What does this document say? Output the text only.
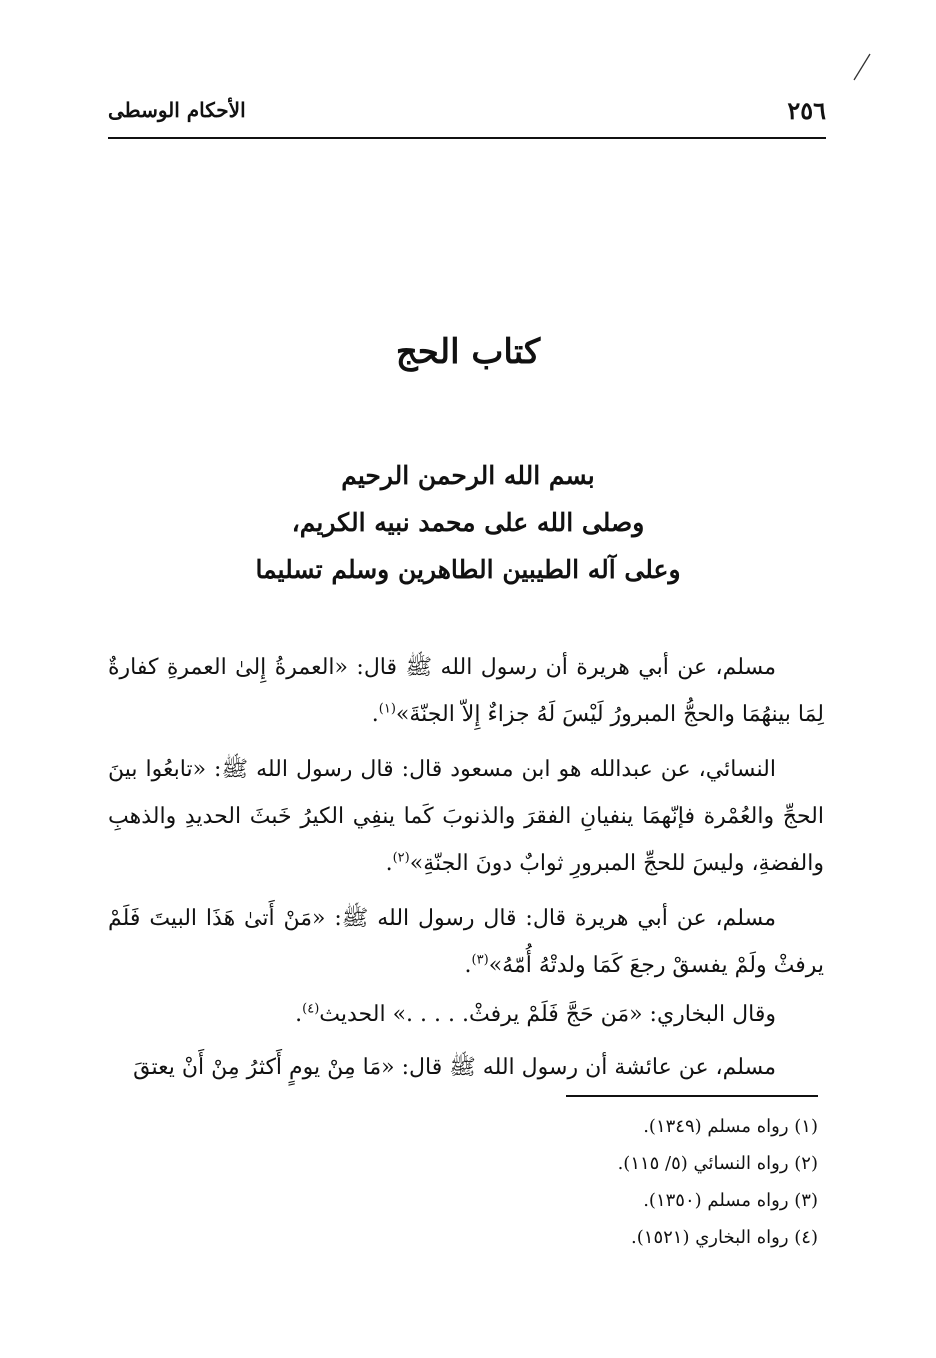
٢٥٦
الأحكام الوسطى
كتاب الحج
بسم الله الرحمن الرحيم
وصلى الله على محمد نبيه الكريم،
وعلى آله الطيبين الطاهرين وسلم تسليما

مسلم، عن أبي هريرة أن رسول الله ﷺ قال: «العمرةُ إِلىٰ العمرةِ كفارةٌ لِمَا بينهُمَا والحجُّ المبرورُ لَيْسَ لَهُ جزاءٌ إِلاّ الجنّةَ»$^{(١)}$.

النسائي، عن عبدالله هو ابن مسعود قال: قال رسول الله ﷺ: «تابعُوا بينَ الحجِّ والعُمْرة فإنّهمَا ينفيانِ الفقرَ والذنوبَ كَما ينفِي الكيرُ خَبثَ الحديدِ والذهبِ والفضةِ، وليسَ للحجِّ المبرورِ ثوابٌ دونَ الجنّةِ»$^{(٢)}$.

مسلم، عن أبي هريرة قال: قال رسول الله ﷺ: «مَنْ أَتىٰ هَذَا البيتَ فَلَمْ يرفثْ ولَمْ يفسقْ رجعَ كَمَا ولدتْهُ أُمّهُ»$^{(٣)}$.

وقال البخاري: «مَن حَجَّ فَلَمْ يرفثْ. . . . .» الحديث$^{(٤)}$.

مسلم، عن عائشة أن رسول الله ﷺ قال: «مَا مِنْ يومٍ أَكثرُ مِنْ أَنْ يعتقَ

(١) رواه مسلم (١٣٤٩).
(٢) رواه النسائي (٥/ ١١٥).
(٣) رواه مسلم (١٣٥٠).
(٤) رواه البخاري (١٥٢١).
